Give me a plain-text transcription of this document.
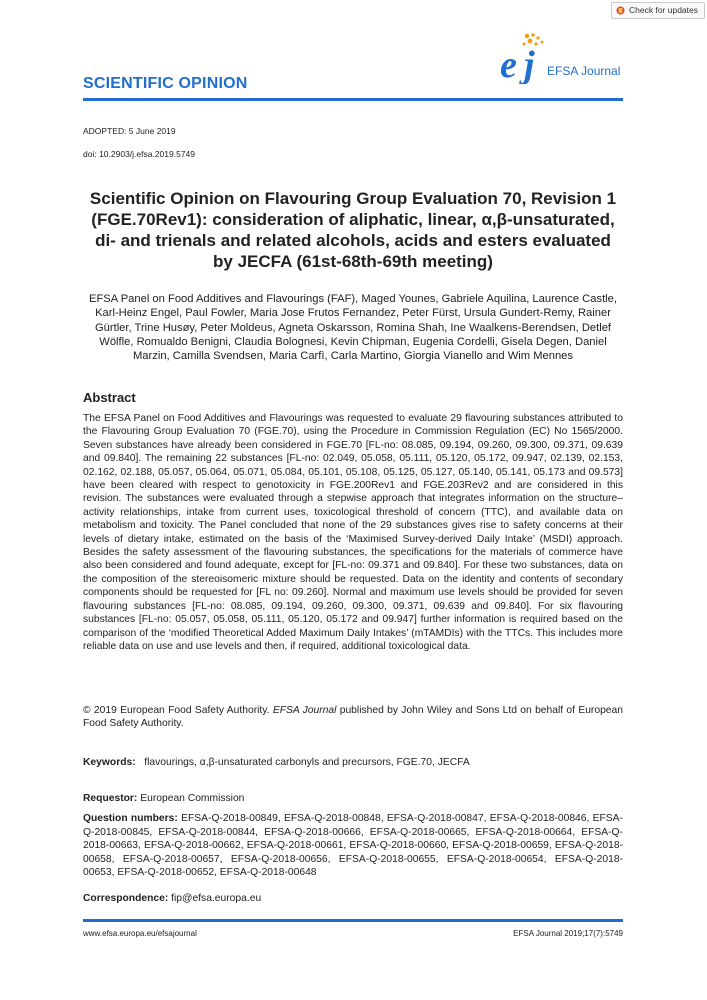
Check for updates
SCIENTIFIC OPINION	e j EFSA Journal
ADOPTED: 5 June 2019
doi: 10.2903/j.efsa.2019.5749
Scientific Opinion on Flavouring Group Evaluation 70, Revision 1 (FGE.70Rev1): consideration of aliphatic, linear, α,β-unsaturated, di- and trienals and related alcohols, acids and esters evaluated by JECFA (61st-68th-69th meeting)
EFSA Panel on Food Additives and Flavourings (FAF), Maged Younes, Gabriele Aquilina, Laurence Castle, Karl-Heinz Engel, Paul Fowler, Maria Jose Frutos Fernandez, Peter Fürst, Ursula Gundert-Remy, Rainer Gürtler, Trine Husøy, Peter Moldeus, Agneta Oskarsson, Romina Shah, Ine Waalkens-Berendsen, Detlef Wölfle, Romualdo Benigni, Claudia Bolognesi, Kevin Chipman, Eugenia Cordelli, Gisela Degen, Daniel Marzin, Camilla Svendsen, Maria Carfì, Carla Martino, Giorgia Vianello and Wim Mennes
Abstract

The EFSA Panel on Food Additives and Flavourings was requested to evaluate 29 flavouring substances attributed to the Flavouring Group Evaluation 70 (FGE.70), using the Procedure in Commission Regulation (EC) No 1565/2000. Seven substances have already been considered in FGE.70 [FL-no: 08.085, 09.194, 09.260, 09.300, 09.371, 09.639 and 09.840]. The remaining 22 substances [FL-no: 02.049, 05.058, 05.111, 05.120, 05.172, 09.947, 02.139, 02.153, 02.162, 02.188, 05.057, 05.064, 05.071, 05.084, 05.101, 05.108, 05.125, 05.127, 05.140, 05.141, 05.173 and 09.573] have been cleared with respect to genotoxicity in FGE.200Rev1 and FGE.203Rev2 and are considered in this revision. The substances were evaluated through a stepwise approach that integrates information on the structure–activity relationships, intake from current uses, toxicological threshold of concern (TTC), and available data on metabolism and toxicity. The Panel concluded that none of the 29 substances gives rise to safety concerns at their levels of dietary intake, estimated on the basis of the ‘Maximised Survey-derived Daily Intake’ (MSDI) approach. Besides the safety assessment of the flavouring substances, the specifications for the materials of commerce have also been considered and found adequate, except for [FL-no: 09.371 and 09.840]. For these two substances, data on the composition of the stereoisomeric mixture should be requested. Data on the identity and contents of secondary components should be requested for [FL no: 09.260]. Normal and maximum use levels should be provided for seven flavouring substances [FL-no: 08.085, 09.194, 09.260, 09.300, 09.371, 09.639 and 09.840]. For six flavouring substances [FL-no: 05.057, 05.058, 05.111, 05.120, 05.172 and 09.947] further information is required based on the comparison of the ‘modified Theoretical Added Maximum Daily Intakes’ (mTAMDIs) with the TTCs. This includes more reliable data on use and use levels and then, if required, additional toxicological data.

© 2019 European Food Safety Authority. EFSA Journal published by John Wiley and Sons Ltd on behalf of European Food Safety Authority.

Keywords: flavourings, α,β-unsaturated carbonyls and precursors, FGE.70, JECFA
Requestor: European Commission

Question numbers: EFSA-Q-2018-00849, EFSA-Q-2018-00848, EFSA-Q-2018-00847, EFSA-Q-2018-00846, EFSA-Q-2018-00845, EFSA-Q-2018-00844, EFSA-Q-2018-00666, EFSA-Q-2018-00665, EFSA-Q-2018-00664, EFSA-Q-2018-00663, EFSA-Q-2018-00662, EFSA-Q-2018-00661, EFSA-Q-2018-00660, EFSA-Q-2018-00659, EFSA-Q-2018-00658, EFSA-Q-2018-00657, EFSA-Q-2018-00656, EFSA-Q-2018-00655, EFSA-Q-2018-00654, EFSA-Q-2018-00653, EFSA-Q-2018-00652, EFSA-Q-2018-00648

Correspondence: fip@efsa.europa.eu
www.efsa.europa.eu/efsajournal	EFSA Journal 2019;17(7):5749
